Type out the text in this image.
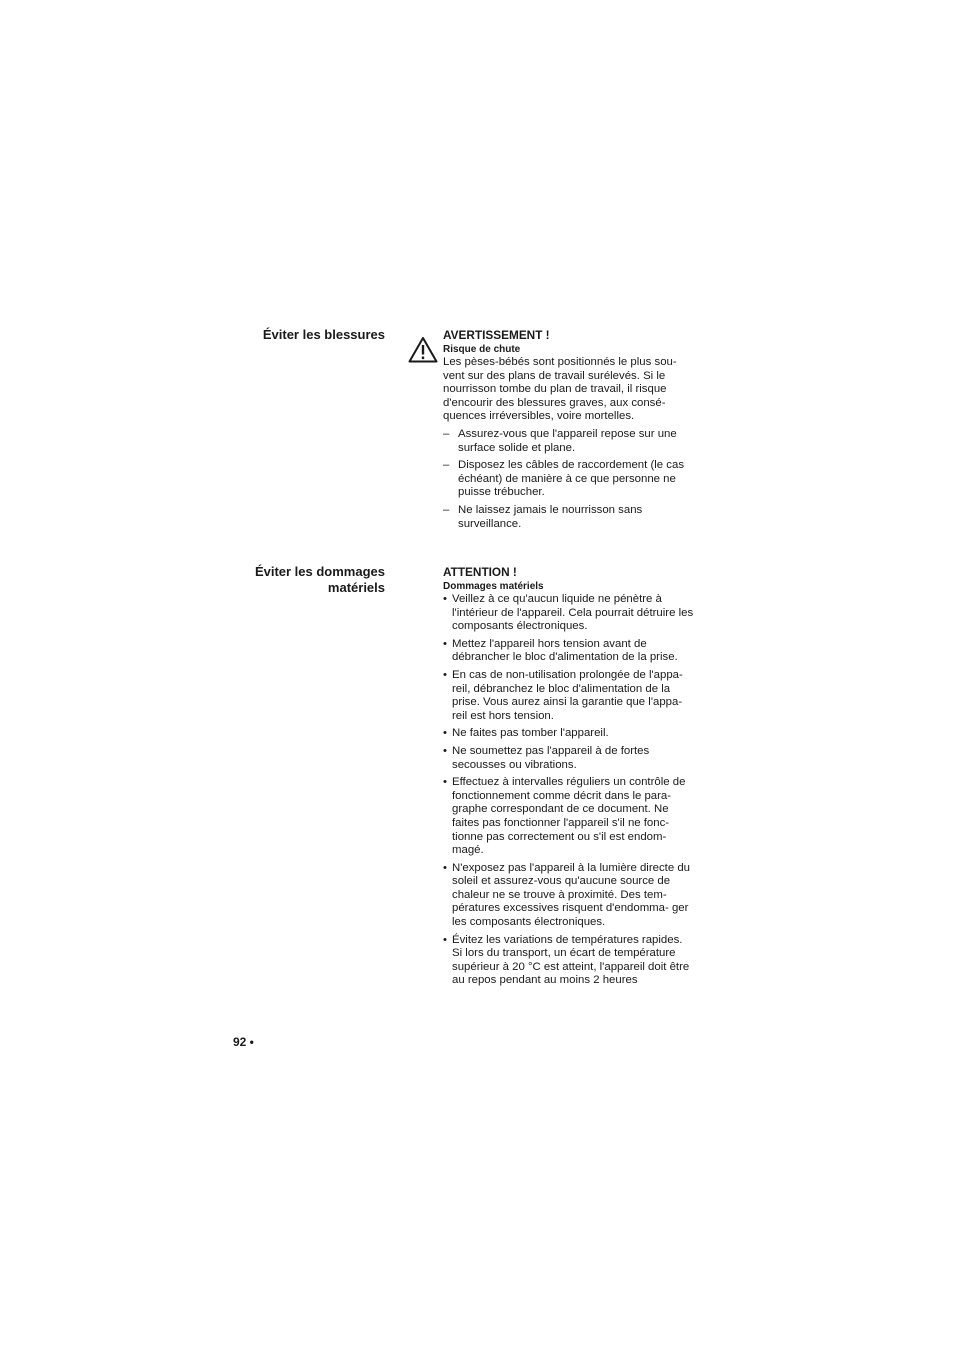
Éviter les blessures	AVERTISSEMENT !
Risque de chute

Les pèses-bébés sont positionnés le plus sou- vent sur des plans de travail surélevés. Si le nourrisson tombe du plan de travail, il risque d'encourir des blessures graves, aux consé- quences irréversibles, voire mortelles.

– Assurez-vous que l'appareil repose sur une surface solide et plane.
– Disposez les câbles de raccordement (le cas échéant) de manière à ce que personne ne puisse trébucher.
– Ne laissez jamais le nourrisson sans surveillance.
Éviter les dommages
matériels
ATTENTION !
Dommages matériels
• Veillez à ce qu'aucun liquide ne pénètre à l'intérieur de l'appareil. Cela pourrait détruire les composants électroniques.
• Mettez l'appareil hors tension avant de débrancher le bloc d'alimentation de la prise.
• En cas de non-utilisation prolongée de l'appa- reil, débranchez le bloc d'alimentation de la prise. Vous aurez ainsi la garantie que l'appa- reil est hors tension.
• Ne faites pas tomber l'appareil.
• Ne soumettez pas l'appareil à de fortes secousses ou vibrations.
• Effectuez à intervalles réguliers un contrôle de fonctionnement comme décrit dans le para- graphe correspondant de ce document. Ne faites pas fonctionner l'appareil s'il ne fonc- tionne pas correctement ou s'il est endom- magé.
• N'exposez pas l'appareil à la lumière directe du soleil et assurez-vous qu'aucune source de chaleur ne se trouve à proximité. Des tem- pératures excessives risquent d'endomma- ger les composants électroniques.
• Évitez les variations de températures rapides. Si lors du transport, un écart de température supérieur à 20 °C est atteint, l'appareil doit être au repos pendant au moins 2 heures
92 •
